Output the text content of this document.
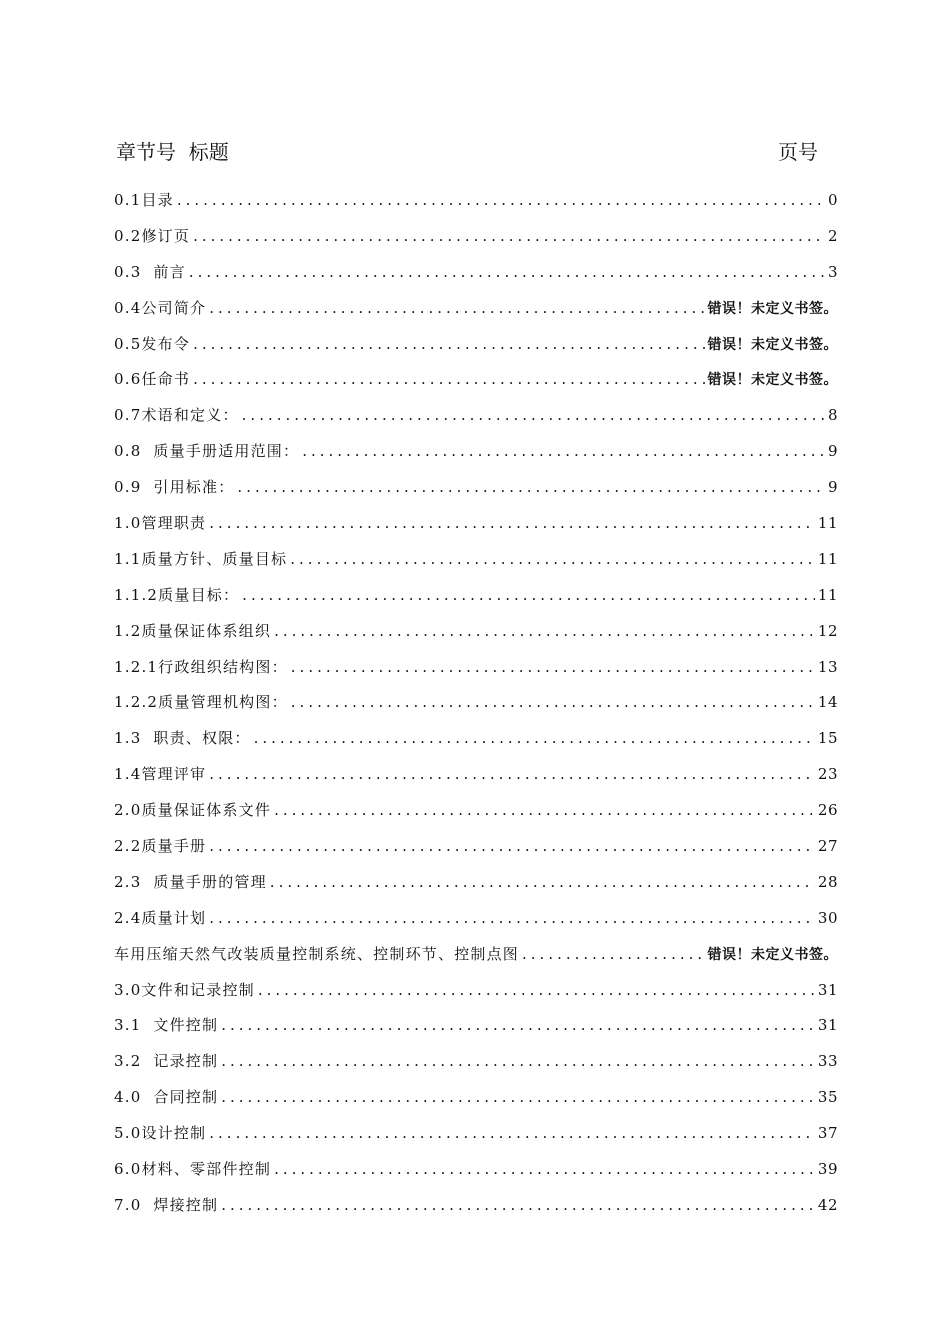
章节号  标题	页号
0.1目录 .....	0
0.2修订页 .....	2
0.3  前言 .....	3
0.4公司简介 .....	错误！未定义书签。
0.5发布令 .....	错误！未定义书签。
0.6任命书 .....	错误！未定义书签。
0.7术语和定义： .....	8
0.8  质量手册适用范围： .....	9
0.9  引用标准： .....	9
1.0管理职责 .....	11
1.1质量方针、质量目标 .....	11
1.1.2质量目标： .....	11
1.2质量保证体系组织 .....	12
1.2.1行政组织结构图： .....	13
1.2.2质量管理机构图： .....	14
1.3  职责、权限： .....	15
1.4管理评审 .....	23
2.0质量保证体系文件 .....	26
2.2质量手册 .....	27
2.3  质量手册的管理 .....	28
2.4质量计划 .....	30
车用压缩天然气改装质量控制系统、控制环节、控制点图 .....	错误！未定义书签。
3.0文件和记录控制 .....	31
3.1  文件控制 .....	31
3.2  记录控制 .....	33
4.0  合同控制 .....	35
5.0设计控制 .....	37
6.0材料、零部件控制 .....	39
7.0  焊接控制 .....	42
